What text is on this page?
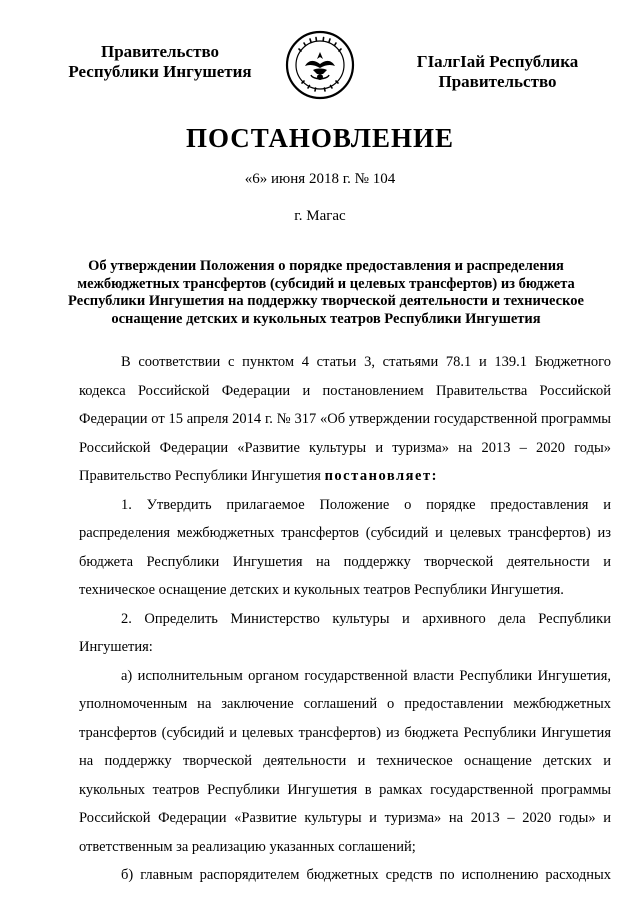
Правительство
Республики Ингушетия
ГIалгIай Республика
Правительство
ПОСТАНОВЛЕНИЕ
«6» июня 2018 г. № 104
г. Магас
Об утверждении Положения о порядке предоставления и распределения
межбюджетных трансфертов (субсидий и целевых трансфертов) из бюджета
Республики Ингушетия на поддержку творческой деятельности и техническое
оснащение детских и кукольных театров Республики Ингушетия

В соответствии с пунктом 4 статьи 3, статьями 78.1 и 139.1 Бюджетного кодекса Российской Федерации и постановлением Правительства Российской Федерации от 15 апреля 2014 г. № 317 «Об утверждении государственной программы Российской Федерации «Развитие культуры и туризма» на 2013 – 2020 годы» Правительство Республики Ингушетия постановляет:

1. Утвердить прилагаемое Положение о порядке предоставления и распределения межбюджетных трансфертов (субсидий и целевых трансфертов) из бюджета Республики Ингушетия на поддержку творческой деятельности и техническое оснащение детских и кукольных театров Республики Ингушетия.

2. Определить Министерство культуры и архивного дела Республики Ингушетия:

а) исполнительным органом государственной власти Республики Ингушетия, уполномоченным на заключение соглашений о предоставлении межбюджетных трансфертов (субсидий и целевых трансфертов) из бюджета Республики Ингушетия на поддержку творческой деятельности и техническое оснащение детских и кукольных театров Республики Ингушетия в рамках государственной программы Российской Федерации «Развитие культуры и туризма» на 2013 – 2020 годы» и ответственным за реализацию указанных соглашений;

б) главным распорядителем бюджетных средств по исполнению расходных
